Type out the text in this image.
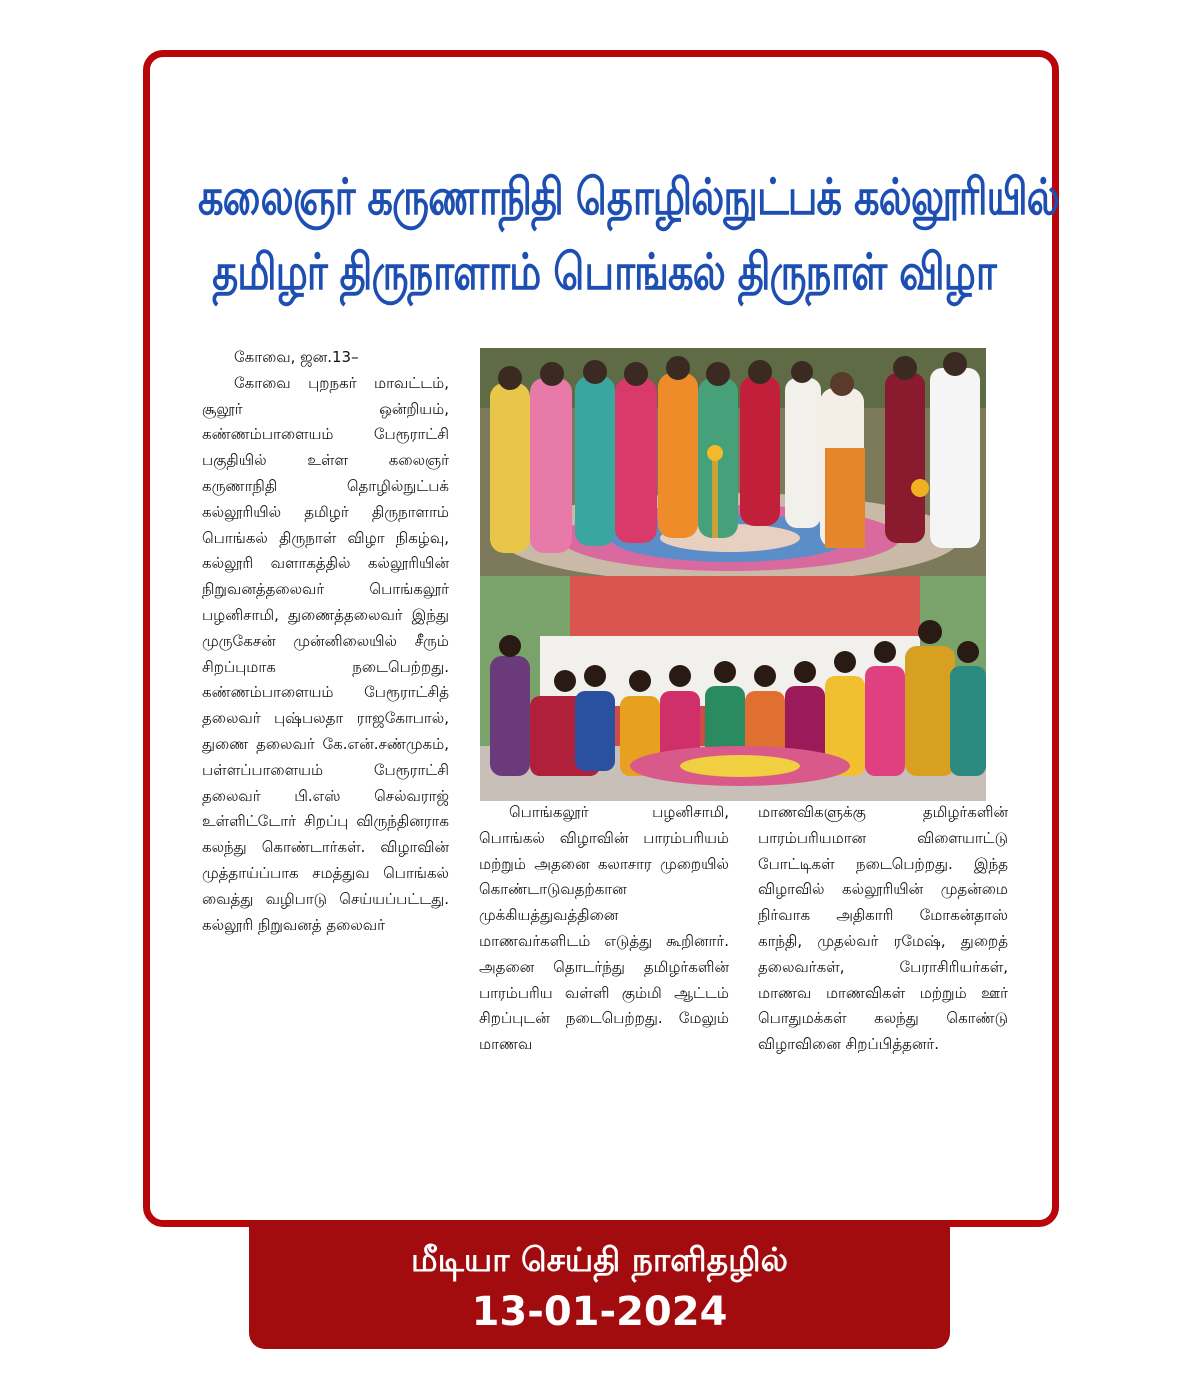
கலைஞர் கருணாநிதி தொழில்நுட்பக் கல்லூரியில்
தமிழர் திருநாளாம் பொங்கல் திருநாள் விழா

கோவை, ஜன.13–

கோவை புறநகர் மாவட்டம், சூலூர் ஒன்றியம், கண்ணம்பாளையம் பேரூராட்சி பகுதியில் உள்ள கலைஞர் கருணாநிதி தொழில்நுட்பக் கல்லூரியில் தமிழர் திருநாளாம் பொங்கல் திருநாள் விழா நிகழ்வு, கல்லூரி வளாகத்தில் கல்லூரியின் நிறுவனத்தலைவர் பொங்கலூர் பழனிசாமி, துணைத்தலைவர் இந்து முருகேசன் முன்னிலையில் சீரும் சிறப்புமாக நடைபெற்றது. கண்ணம்பாளையம் பேரூராட்சித் தலைவர் புஷ்பலதா ராஜகோபால், துணை தலைவர் கே.என்.சண்முகம், பள்ளப்பாளையம் பேரூராட்சி தலைவர் பி.எஸ் செல்வராஜ் உள்ளிட்டோர் சிறப்பு விருந்தினராக கலந்து கொண்டார்கள். விழாவின் முத்தாய்ப்பாக சமத்துவ பொங்கல் வைத்து வழிபாடு செய்யப்பட்டது. கல்லூரி நிறுவனத் தலைவர்

பொங்கலூர் பழனிசாமி, பொங்கல் விழாவின் பாரம்பரியம் மற்றும் அதனை கலாசார முறையில் கொண்டாடுவதற்கான முக்கியத்துவத்தினை மாணவர்களிடம் எடுத்து கூறினார். அதனை தொடர்ந்து தமிழர்களின் பாரம்பரிய வள்ளி கும்மி ஆட்டம் சிறப்புடன் நடைபெற்றது. மேலும் மாணவ

மாணவிகளுக்கு தமிழர்களின் பாரம்பரியமான விளையாட்டு போட்டிகள் நடைபெற்றது. இந்த விழாவில் கல்லூரியின் முதன்மை நிர்வாக அதிகாரி மோகன்தாஸ் காந்தி, முதல்வர் ரமேஷ், துறைத் தலைவர்கள், பேராசிரியர்கள், மாணவ மாணவிகள் மற்றும் ஊர் பொதுமக்கள் கலந்து கொண்டு விழாவினை சிறப்பித்தனர்.

மீடியா செய்தி நாளிதழில்
13-01-2024
